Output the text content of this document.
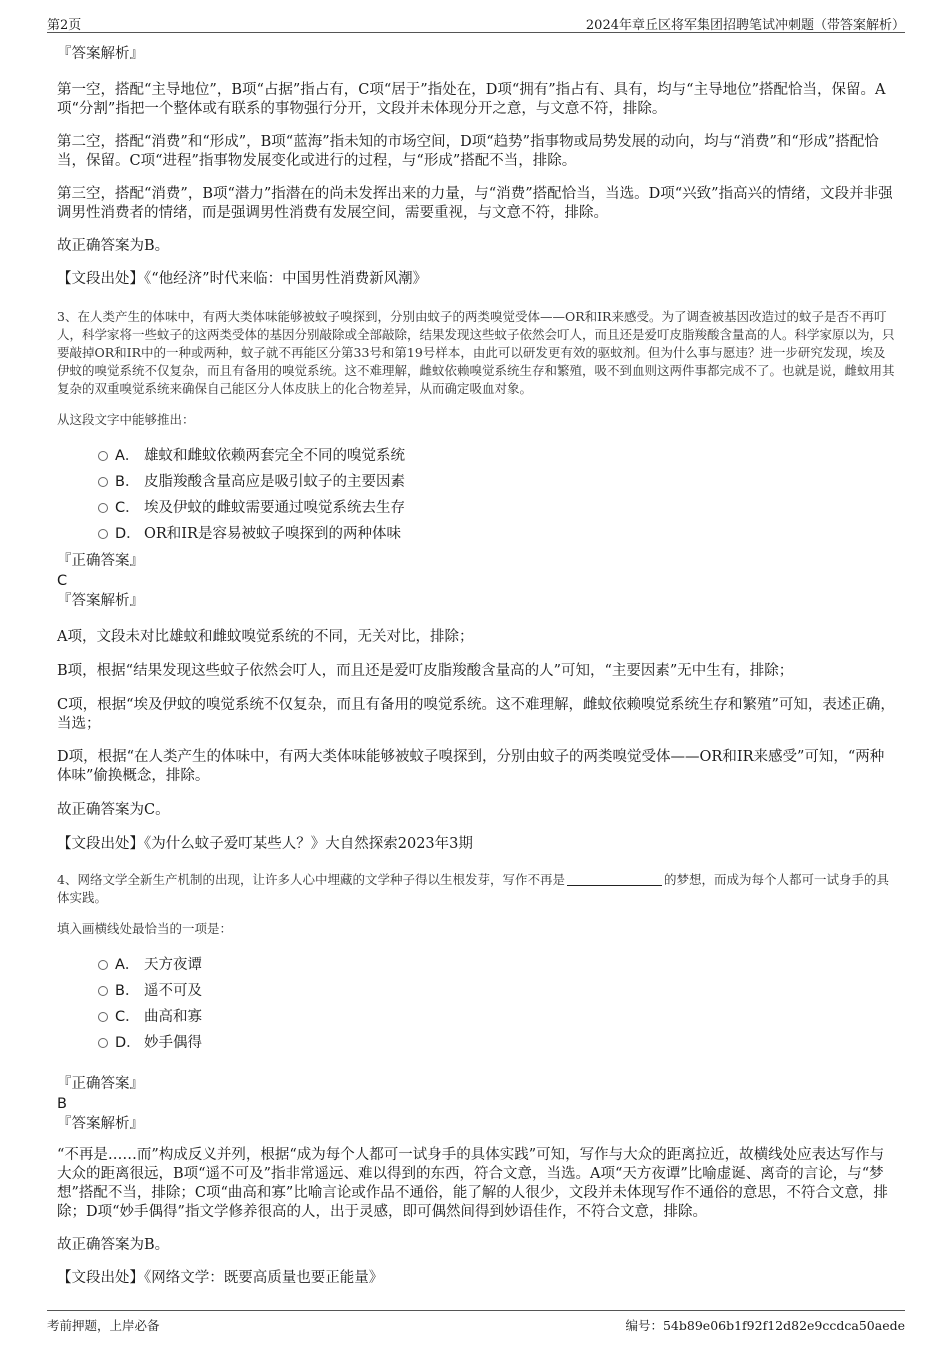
第2页	2024年章丘区将军集团招聘笔试冲刺题（带答案解析）

『答案解析』

第一空，搭配“主导地位”，B项“占据”指占有，C项“居于”指处在，D项“拥有”指占有、具有，均与“主导地位”搭配恰当，保留。A项“分割”指把一个整体或有联系的事物强行分开，文段并未体现分开之意，与文意不符，排除。

第二空，搭配“消费”和“形成”，B项“蓝海”指未知的市场空间，D项“趋势”指事物或局势发展的动向，均与“消费”和“形成”搭配恰当，保留。C项“进程”指事物发展变化或进行的过程，与“形成”搭配不当，排除。

第三空，搭配“消费”，B项“潜力”指潜在的尚未发挥出来的力量，与“消费”搭配恰当，当选。D项“兴致”指高兴的情绪，文段并非强调男性消费者的情绪，而是强调男性消费有发展空间，需要重视，与文意不符，排除。

故正确答案为B。

【文段出处】《“他经济”时代来临：中国男性消费新风潮》

3、在人类产生的体味中，有两大类体味能够被蚊子嗅探到，分别由蚊子的两类嗅觉受体——OR和IR来感受。为了调查被基因改造过的蚊子是否不再叮人，科学家将一些蚊子的这两类受体的基因分别敲除或全部敲除，结果发现这些蚊子依然会叮人，而且还是爱叮皮脂羧酸含量高的人。科学家原以为，只要敲掉OR和IR中的一种或两种，蚊子就不再能区分第33号和第19号样本，由此可以研发更有效的驱蚊剂。但为什么事与愿违？进一步研究发现，埃及伊蚊的嗅觉系统不仅复杂，而且有备用的嗅觉系统。这不难理解，雌蚊依赖嗅觉系统生存和繁殖，吸不到血则这两件事都完成不了。也就是说，雌蚊用其复杂的双重嗅觉系统来确保自己能区分人体皮肤上的化合物差异，从而确定吸血对象。

从这段文字中能够推出：

A． 雄蚊和雌蚊依赖两套完全不同的嗅觉系统
B． 皮脂羧酸含量高应是吸引蚊子的主要因素
C． 埃及伊蚊的雌蚊需要通过嗅觉系统去生存
D． OR和IR是容易被蚊子嗅探到的两种体味

『正确答案』

C

『答案解析』

A项，文段未对比雄蚊和雌蚊嗅觉系统的不同，无关对比，排除；

B项，根据“结果发现这些蚊子依然会叮人，而且还是爱叮皮脂羧酸含量高的人”可知，“主要因素”无中生有，排除；

C项，根据“埃及伊蚊的嗅觉系统不仅复杂，而且有备用的嗅觉系统。这不难理解，雌蚊依赖嗅觉系统生存和繁殖”可知，表述正确，当选；

D项，根据“在人类产生的体味中，有两大类体味能够被蚊子嗅探到，分别由蚊子的两类嗅觉受体——OR和IR来感受”可知，“两种体味”偷换概念，排除。

故正确答案为C。

【文段出处】《为什么蚊子爱叮某些人？》大自然探索2023年3期

4、网络文学全新生产机制的出现，让许多人心中埋藏的文学种子得以生根发芽，写作不再是	的梦想，而成为每个人都可一试身手的具体实践。

填入画横线处最恰当的一项是：

A． 天方夜谭
B． 遥不可及
C． 曲高和寡
D． 妙手偶得

『正确答案』

B

『答案解析』

“不再是……而”构成反义并列，根据“成为每个人都可一试身手的具体实践”可知，写作与大众的距离拉近，故横线处应表达写作与大众的距离很远，B项“遥不可及”指非常遥远、难以得到的东西，符合文意，当选。A项“天方夜谭”比喻虚诞、离奇的言论，与“梦想”搭配不当，排除；C项“曲高和寡”比喻言论或作品不通俗，能了解的人很少，文段并未体现写作不通俗的意思，不符合文意，排除；D项“妙手偶得”指文学修养很高的人，出于灵感，即可偶然间得到妙语佳作，不符合文意，排除。

故正确答案为B。

【文段出处】《网络文学：既要高质量也要正能量》

考前押题，上岸必备	编号：54b89e06b1f92f12d82e9ccdca50aede
